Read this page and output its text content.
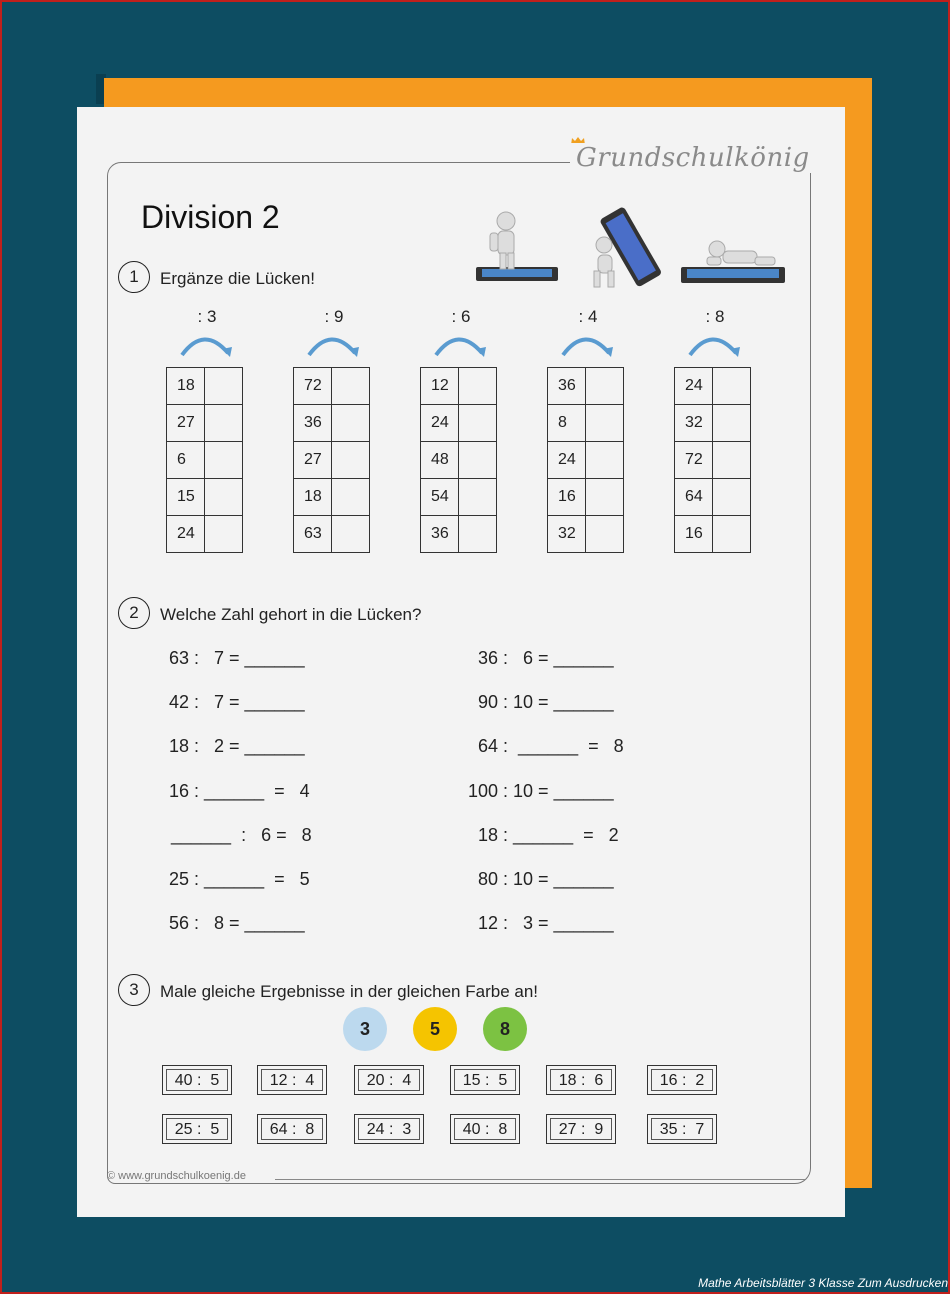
Grundschulkönig
Division 2
1	Ergänze die Lücken!
: 3
18	
27	
6	
15	
24	
: 9
72	
36	
27	
18	
63	
: 6
12	
24	
48	
54	
36	
: 4
36	
8	
24	
16	
32	
: 8
24	
32	
72	
64	
16	
2	Welche Zahl gehort in die Lücken?
63 :   7 = ______
42 :   7 = ______
18 :   2 = ______
16 : ______  =   4
______  :   6 =   8
25 : ______  =   5
56 :   8 = ______
36 :   6 = ______
90 : 10 = ______
64 :  ______  =   8
100 : 10 = ______
18 : ______  =   2
80 : 10 = ______
12 :   3 = ______
3	Male gleiche Ergebnisse in der gleichen Farbe an!
3	5	8
40 :  5	12 :  4	20 :  4	15 :  5	18 :  6	16 :  2
25 :  5	64 :  8	24 :  3	40 :  8	27 :  9	35 :  7
© www.grundschulkoenig.de
Mathe Arbeitsblätter 3 Klasse Zum Ausdrucken
